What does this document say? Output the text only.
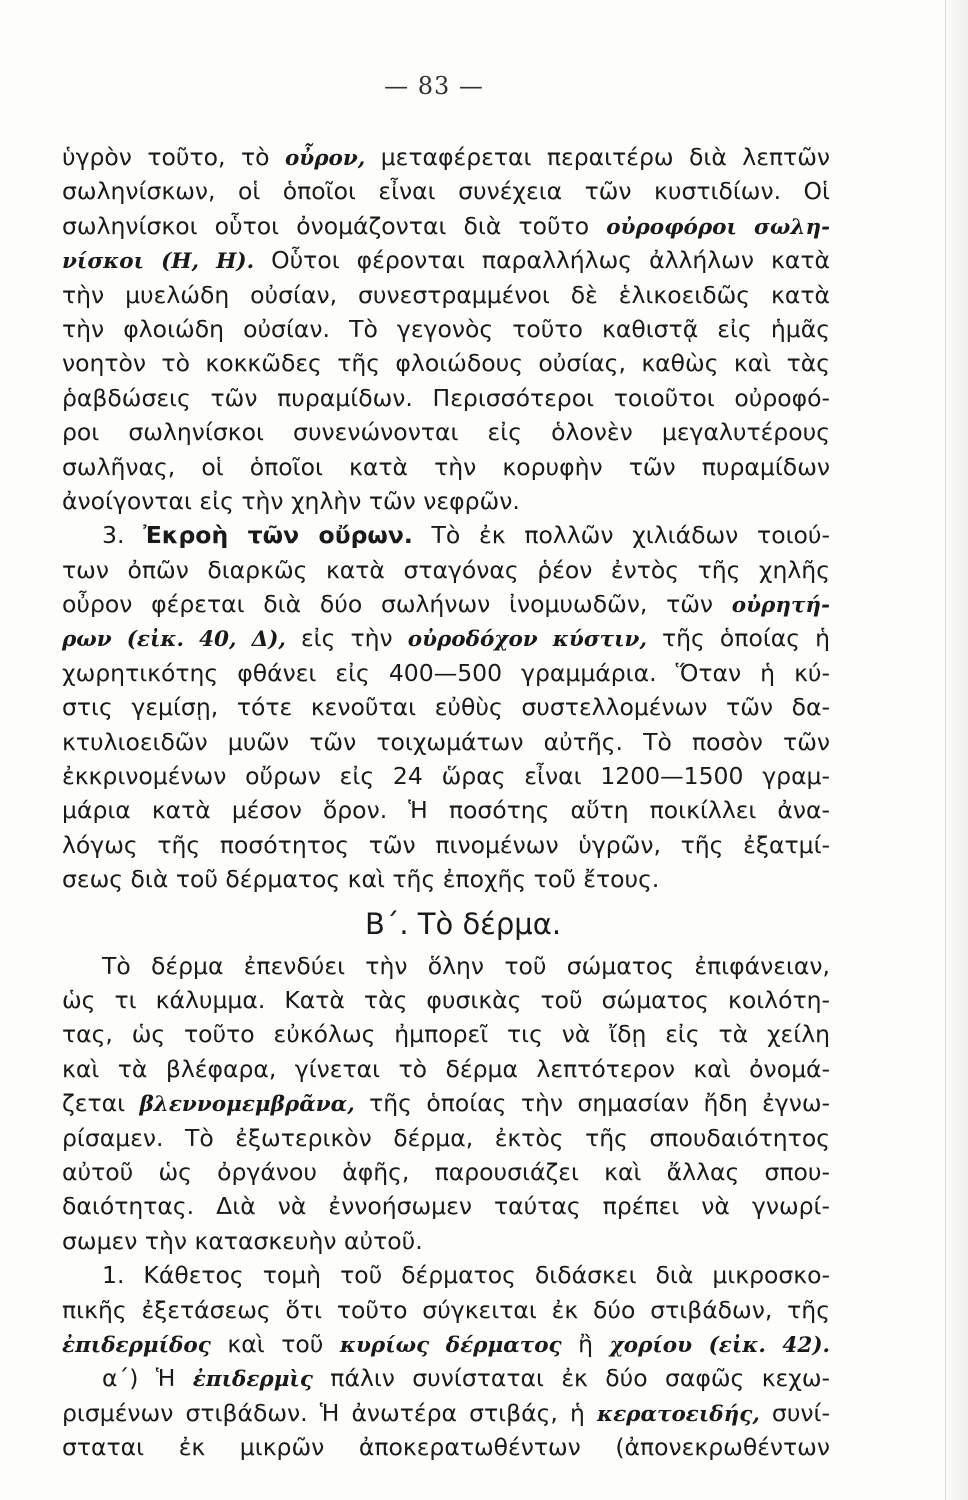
— 83 —
ὑγρὸν τοῦτο, τὸ οὖρον, μεταφέρεται περαιτέρω διὰ λεπτῶν
σωληνίσκων, οἱ ὁποῖοι εἶναι συνέχεια τῶν κυστιδίων. Οἱ
σωληνίσκοι οὗτοι ὀνομάζονται διὰ τοῦτο οὐροφόροι σωλη-
νίσκοι (Η, Η). Οὗτοι φέρονται παραλλήλως ἀλλήλων κατὰ
τὴν μυελώδη οὐσίαν, συνεστραμμένοι δὲ ἑλικοειδῶς κατὰ
τὴν φλοιώδη οὐσίαν. Τὸ γεγονὸς τοῦτο καθιστᾷ εἰς ἡμᾶς
νοητὸν τὸ κοκκῶδες τῆς φλοιώδους οὐσίας, καθὼς καὶ τὰς
ῥαβδώσεις τῶν πυραμίδων. Περισσότεροι τοιοῦτοι οὐροφό-
ροι σωληνίσκοι συνενώνονται εἰς ὁλονὲν μεγαλυτέρους
σωλῆνας, οἱ ὁποῖοι κατὰ τὴν κορυφὴν τῶν πυραμίδων
ἀνοίγονται εἰς τὴν χηλὴν τῶν νεφρῶν.
3. Ἐκροὴ τῶν οὔρων. Τὸ ἐκ πολλῶν χιλιάδων τοιού-
των ὀπῶν διαρκῶς κατὰ σταγόνας ῥέον ἐντὸς τῆς χηλῆς
οὖρον φέρεται διὰ δύο σωλήνων ἰνομυωδῶν, τῶν οὐρητή-
ρων (εἰκ. 40, Δ), εἰς τὴν οὐροδόχον κύστιν, τῆς ὁποίας ἡ
χωρητικότης φθάνει εἰς 400—500 γραμμάρια. Ὅταν ἡ κύ-
στις γεμίσῃ, τότε κενοῦται εὐθὺς συστελλομένων τῶν δα-
κτυλιοειδῶν μυῶν τῶν τοιχωμάτων αὐτῆς. Τὸ ποσὸν τῶν
ἐκκρινομένων οὔρων εἰς 24 ὥρας εἶναι 1200—1500 γραμ-
μάρια κατὰ μέσον ὅρον. Ἡ ποσότης αὕτη ποικίλλει ἀνα-
λόγως τῆς ποσότητος τῶν πινομένων ὑγρῶν, τῆς ἐξατμί-
σεως διὰ τοῦ δέρματος καὶ τῆς ἐποχῆς τοῦ ἔτους.
Β΄. Τὸ δέρμα.
Τὸ δέρμα ἐπενδύει τὴν ὅλην τοῦ σώματος ἐπιφάνειαν,
ὡς τι κάλυμμα. Κατὰ τὰς φυσικὰς τοῦ σώματος κοιλότη-
τας, ὡς τοῦτο εὐκόλως ἠμπορεῖ τις νὰ ἴδῃ εἰς τὰ χείλη
καὶ τὰ βλέφαρα, γίνεται τὸ δέρμα λεπτότερον καὶ ὀνομά-
ζεται βλεννομεμβρᾶνα, τῆς ὁποίας τὴν σημασίαν ἤδη ἐγνω-
ρίσαμεν. Τὸ ἐξωτερικὸν δέρμα, ἐκτὸς τῆς σπουδαιότητος
αὐτοῦ ὡς ὀργάνου ἁφῆς, παρουσιάζει καὶ ἄλλας σπου-
δαιότητας. Διὰ νὰ ἐννοήσωμεν ταύτας πρέπει νὰ γνωρί-
σωμεν τὴν κατασκευὴν αὐτοῦ.
1. Κάθετος τομὴ τοῦ δέρματος διδάσκει διὰ μικροσκο-
πικῆς ἐξετάσεως ὅτι τοῦτο σύγκειται ἐκ δύο στιβάδων, τῆς
ἐπιδερμίδος καὶ τοῦ κυρίως δέρματος ἢ χορίου (εἰκ. 42).
α΄) Ἡ ἐπιδερμὶς πάλιν συνίσταται ἐκ δύο σαφῶς κεχω-
ρισμένων στιβάδων. Ἡ ἀνωτέρα στιβάς, ἡ κερατοειδής, συνί-
σταται ἐκ μικρῶν ἀποκερατωθέντων (ἀπονεκρωθέντων
